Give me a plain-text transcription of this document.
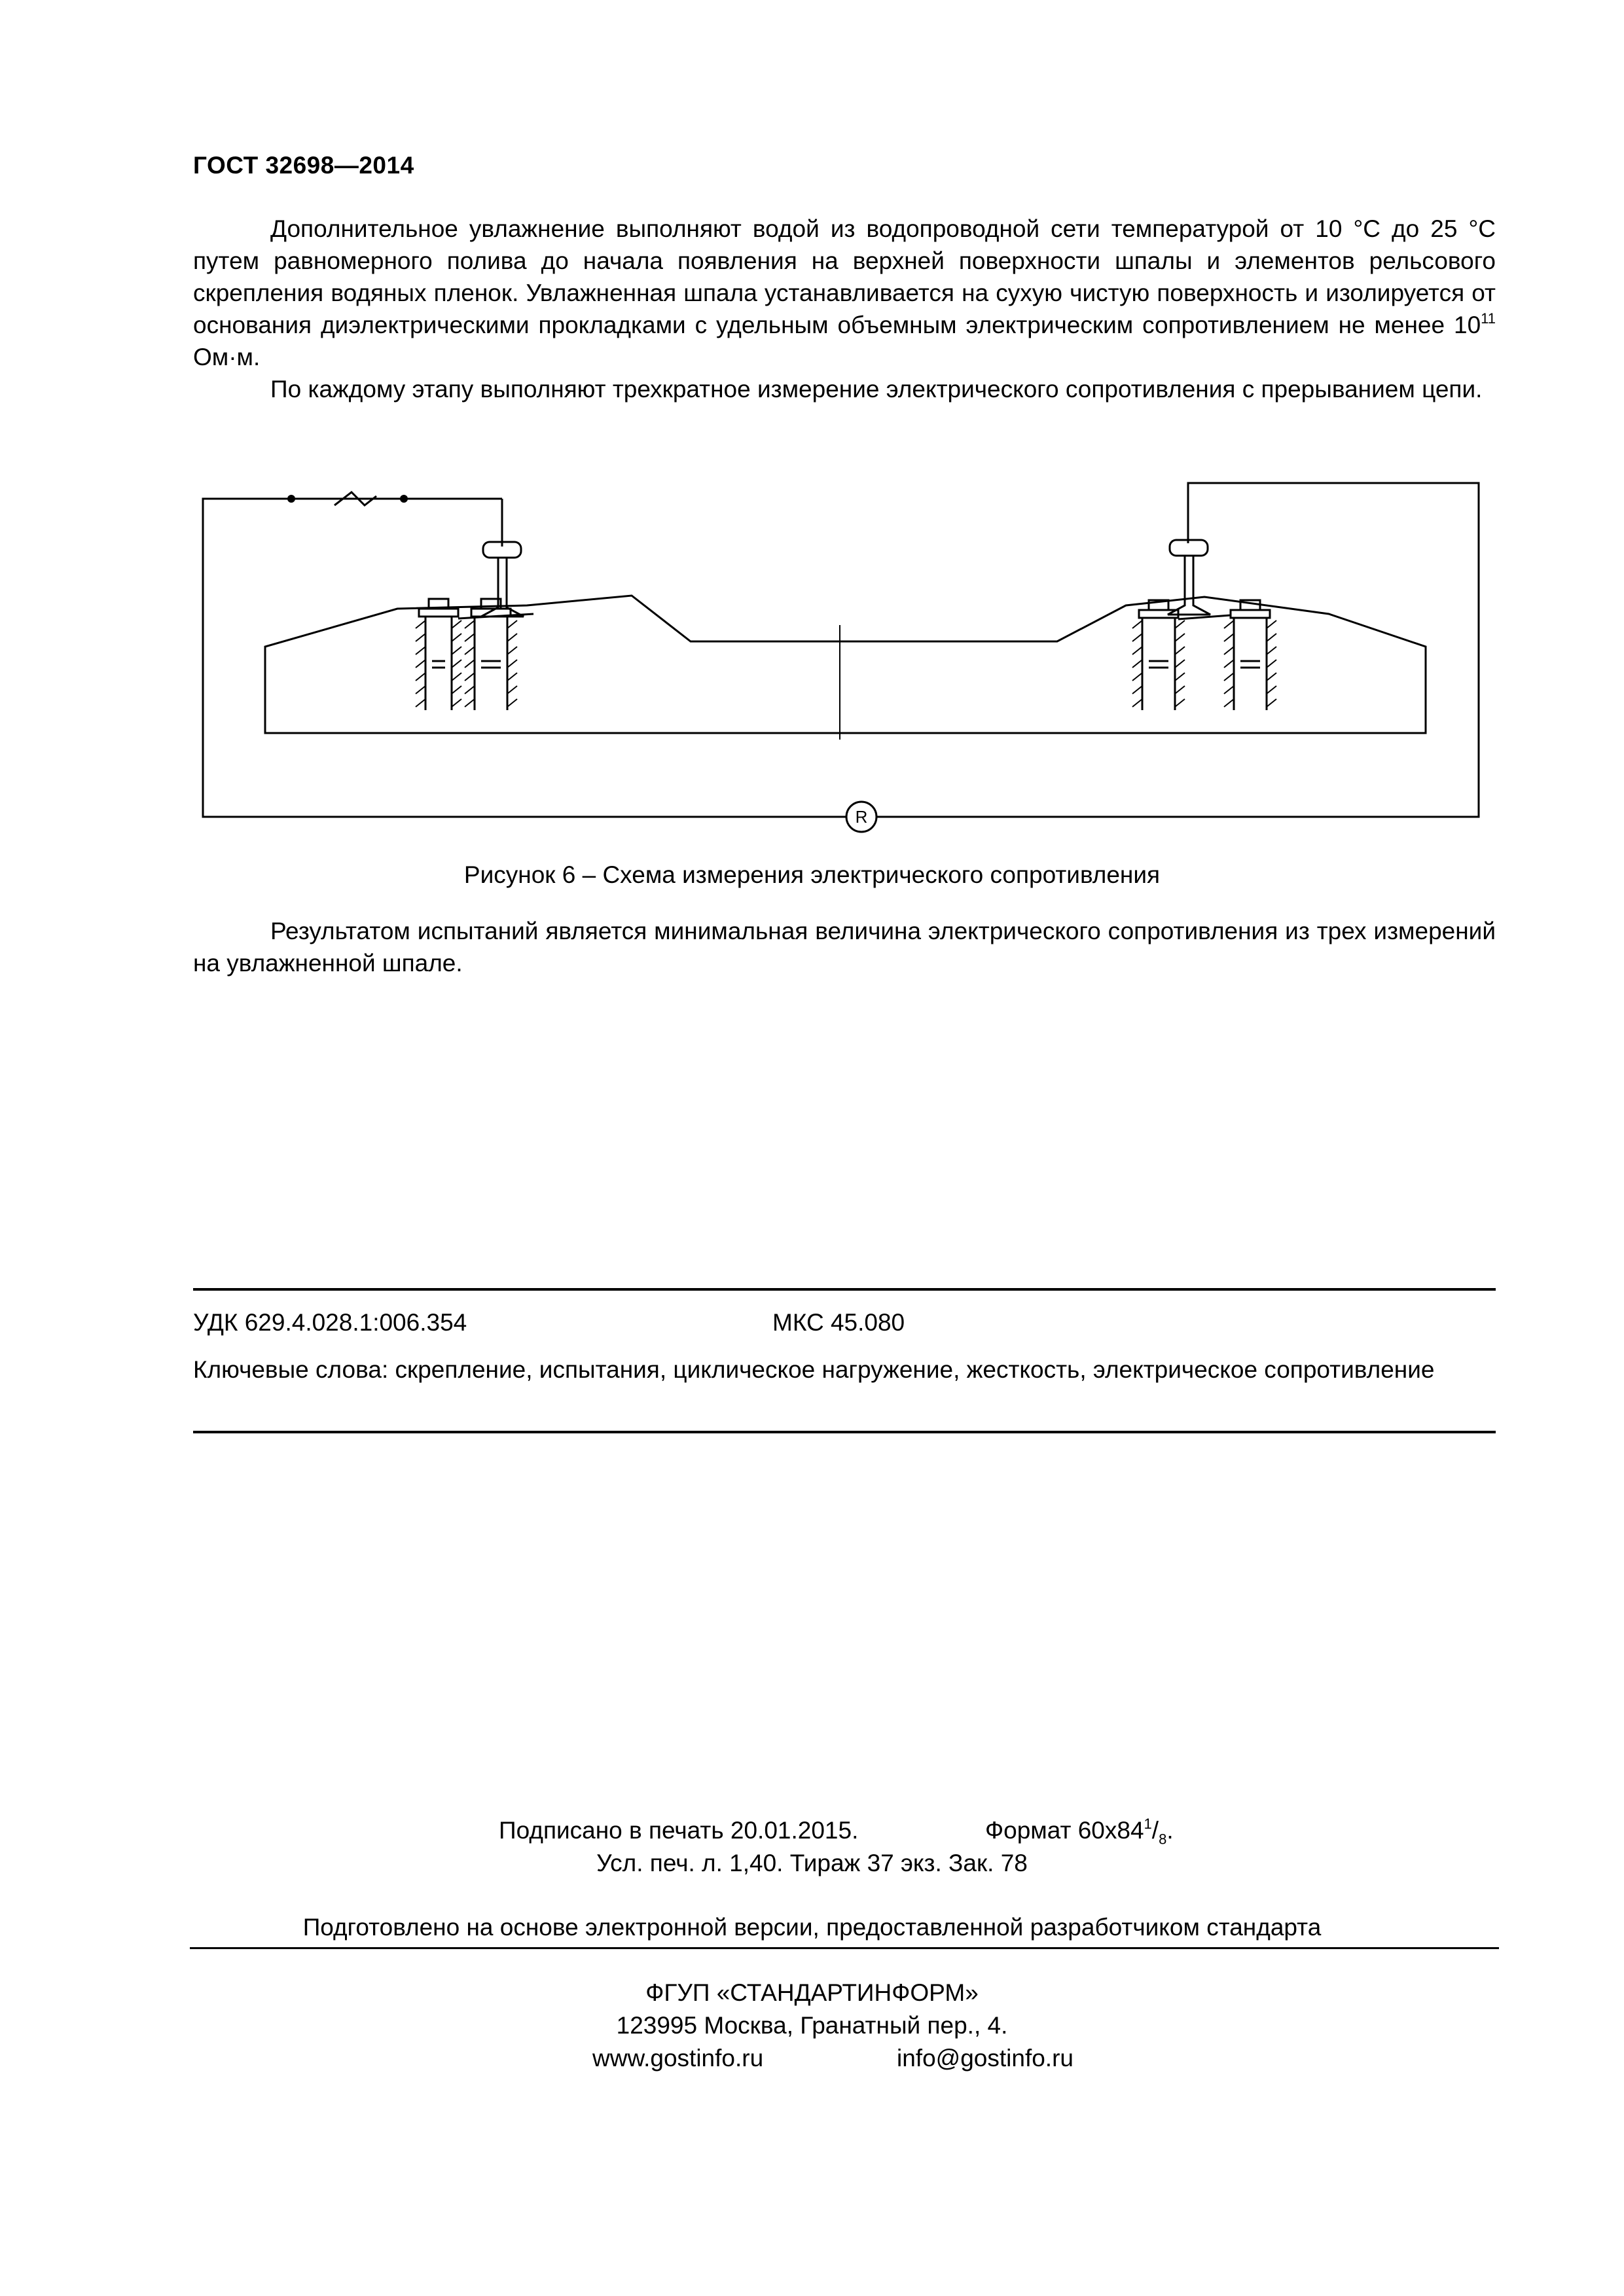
ГОСТ 32698—2014

Дополнительное увлажнение выполняют водой из водопроводной сети температурой от 10 °С до 25 °С путем равномерного полива до начала появления на верхней поверхности шпалы и элементов рельсового скрепления водяных пленок. Увлажненная шпала устанавливается на сухую чистую поверхность и изолируется от основания диэлектрическими прокладками с удельным объемным электрическим сопротивлением не менее $10^{11}$ Ом·м.

По каждому этапу выполняют трехкратное измерение электрического сопротивления с прерыванием цепи.

R
Рисунок 6 – Схема измерения электрического сопротивления

Результатом испытаний является минимальная величина электрического сопротивления из трех измерений на увлажненной шпале.

УДК 629.4.028.1:006.354	МКС 45.080
Ключевые слова: скрепление, испытания, циклическое нагружение, жесткость, электрическое сопротивление
Подписано в печать 20.01.2015.	Формат $60x84^1/_8$.
Усл. печ. л. 1,40. Тираж 37 экз. Зак. 78
Подготовлено на основе электронной версии, предоставленной разработчиком стандарта
ФГУП «СТАНДАРТИНФОРМ»
123995 Москва, Гранатный пер., 4.
www.gostinfo.ru	info@gostinfo.ru
